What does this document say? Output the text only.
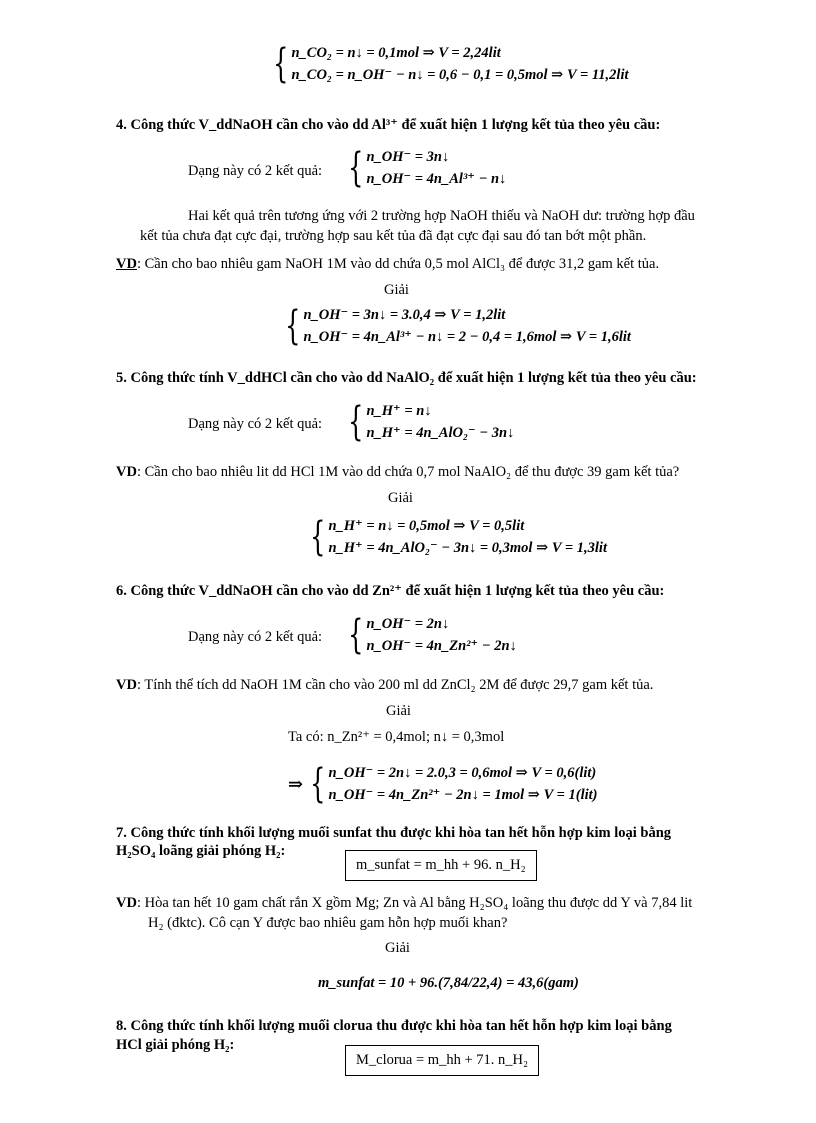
{ n_CO₂ = n↓ = 0,1mol ⇒ V = 2,24lit
n_CO₂ = n_OH⁻ − n↓ = 0,6 − 0,1 = 0,5mol ⇒ V = 11,2lit
4. Công thức V_ddNaOH cần cho vào dd Al³⁺ để xuất hiện 1 lượng kết tủa theo yêu cầu:
Dạng này có 2 kết quả: { n_OH⁻ = 3n↓
n_OH⁻ = 4n_Al³⁺ − n↓
Hai kết quả trên tương ứng với 2 trường hợp NaOH thiếu và NaOH dư: trường hợp đầu
kết tủa chưa đạt cực đại, trường hợp sau kết tủa đã đạt cực đại sau đó tan bớt một phần.
VD: Cần cho bao nhiêu gam NaOH 1M vào dd chứa 0,5 mol AlCl₃ để được 31,2 gam kết tủa.
Giải
{ n_OH⁻ = 3n↓ = 3.0,4 ⇒ V = 1,2lit
n_OH⁻ = 4n_Al³⁺ − n↓ = 2 − 0,4 = 1,6mol ⇒ V = 1,6lit
5. Công thức tính V_ddHCl cần cho vào dd NaAlO₂ để xuất hiện 1 lượng kết tủa theo yêu cầu:
Dạng này có 2 kết quả: { n_H⁺ = n↓
n_H⁺ = 4n_AlO₂⁻ − 3n↓
VD: Cần cho bao nhiêu lit dd HCl 1M vào dd chứa 0,7 mol NaAlO₂ để thu được 39 gam kết tủa?
Giải
{ n_H⁺ = n↓ = 0,5mol ⇒ V = 0,5lit
n_H⁺ = 4n_AlO₂⁻ − 3n↓ = 0,3mol ⇒ V = 1,3lit
6. Công thức V_ddNaOH cần cho vào dd Zn²⁺ để xuất hiện 1 lượng kết tủa theo yêu cầu:
Dạng này có 2 kết quả: { n_OH⁻ = 2n↓
n_OH⁻ = 4n_Zn²⁺ − 2n↓
VD: Tính thể tích dd NaOH 1M cần cho vào 200 ml dd ZnCl₂ 2M để được 29,7 gam kết tủa.
Giải
Ta có: n_Zn²⁺ = 0,4mol; n↓ = 0,3mol
⇒ { n_OH⁻ = 2n↓ = 2.0,3 = 0,6mol ⇒ V = 0,6(lit)
n_OH⁻ = 4n_Zn²⁺ − 2n↓ = 1mol ⇒ V = 1(lit)
7. Công thức tính khối lượng muối sunfat thu được khi hòa tan hết hỗn hợp kim loại bằng
H₂SO₄ loãng giải phóng H₂:
m_sunfat = m_hh + 96. n_H₂
VD: Hòa tan hết 10 gam chất rắn X gồm Mg; Zn và Al bằng H₂SO₄ loãng thu được dd Y và 7,84 lit
H₂ (đktc). Cô cạn Y được bao nhiêu gam hỗn hợp muối khan?
Giải
m_sunfat = 10 + 96.(7,84/22,4) = 43,6(gam)
8. Công thức tính khối lượng muối clorua thu được khi hòa tan hết hỗn hợp kim loại bằng
HCl giải phóng H₂:
M_clorua = m_hh + 71. n_H₂
